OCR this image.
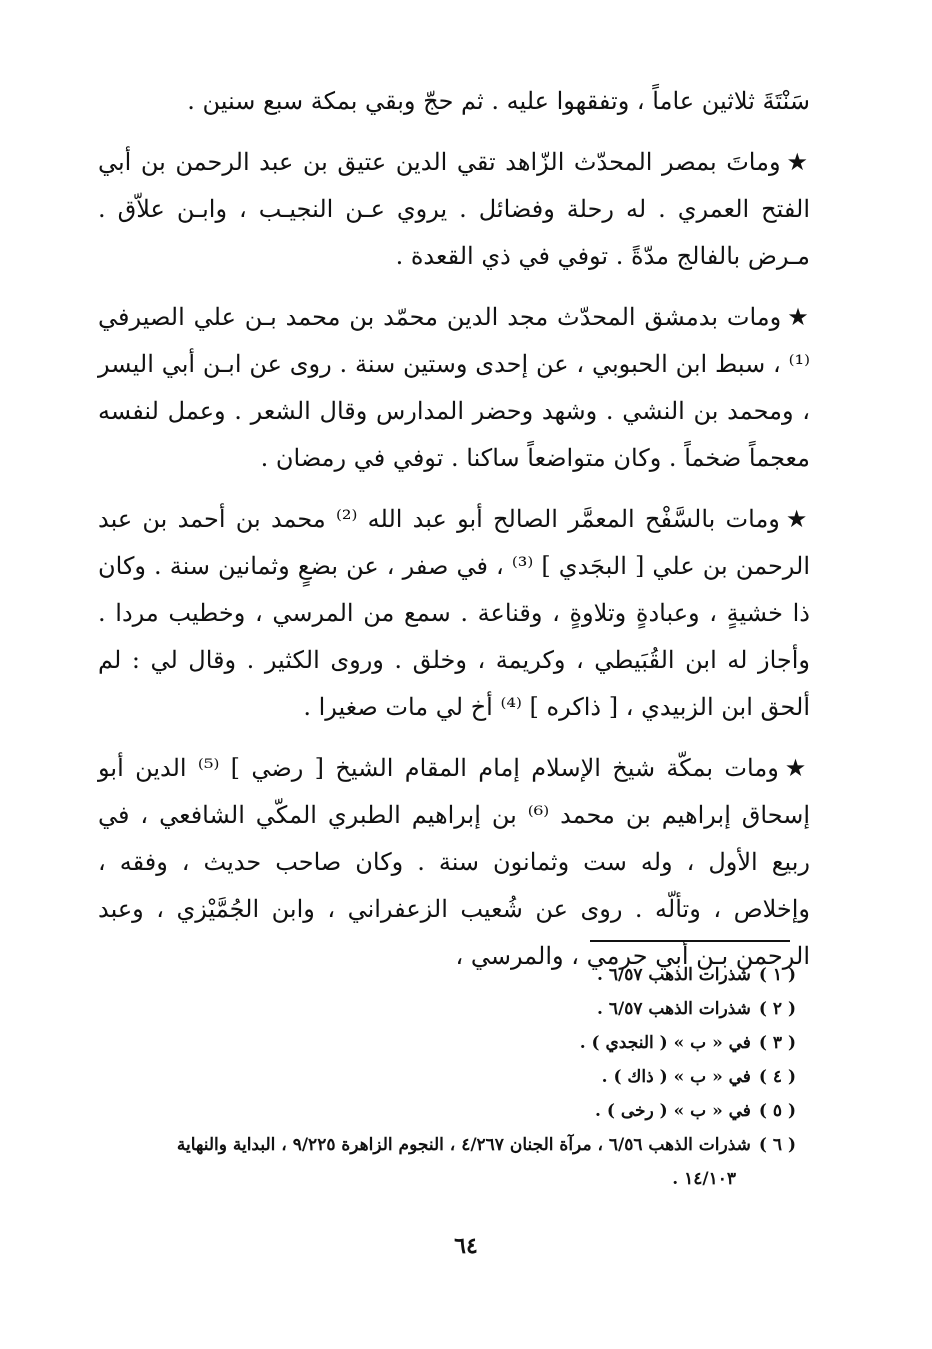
سَنْتَةَ ثلاثين عاماً ، وتفقهوا عليه . ثم حجّ وبقي بمكة سبع سنين .

★وماتَ بمصر المحدّث الزّاهد تقي الدين عتيق بن عبد الرحمن بن أبي الفتح العمري . له رحلة وفضائل . يروي عـن النجيـب ، وابـن علاّق . مـرض بالفالج مدّةً . توفي في ذي القعدة .

★ومات بدمشق المحدّث مجد الدين محمّد بن محمد بـن علي الصيرفي ⁽¹⁾ ، سبط ابن الحبوبي ، عن إحدى وستين سنة . روى عن ابـن أبي اليسر ، ومحمد بن النشي . وشهد وحضر المدارس وقال الشعر . وعمل لنفسه معجماً ضخماً . وكان متواضعاً ساكنا . توفي في رمضان .

★ومات بالسَّفْح المعمَّر الصالح أبو عبد الله ⁽²⁾ محمد بن أحمد بن عبد الرحمن بن علي [ البجَدي ] ⁽³⁾ ، في صفر ، عن بضعٍ وثمانين سنة . وكان ذا خشيةٍ ، وعبادةٍ وتلاوةٍ ، وقناعة . سمع من المرسي ، وخطيب مردا . وأجاز له ابن القُبَيطي ، وكريمة ، وخلق . وروى الكثير . وقال لي : لم ألحق ابن الزبيدي ، [ ذاكره ] ⁽⁴⁾ أخ لي مات صغيرا .

★ومات بمكّة شيخ الإسلام إمام المقام الشيخ [ رضي ] ⁽⁵⁾ الدين أبو إسحاق إبراهيم بن محمد ⁽⁶⁾ بن إبراهيم الطبري المكّي الشافعي ، في ربيع الأول ، وله ست وثمانون سنة . وكان صاحب حديث ، وفقه ، وإخلاص ، وتألّه . روى عن شُعيب الزعفراني ، وابن الجُمَّيْزي ، وعبد الرحمن بـن أبي حرمي ، والمرسي ،

( ١ )شذرات الذهب ٦/٥٧ .

( ٢ )شذرات الذهب ٦/٥٧ .

( ٣ )في « ب » ( النجدي ) .

( ٤ )في « ب » ( ذاك ) .

( ٥ )في « ب » ( رخى ) .

( ٦ )شذرات الذهب ٦/٥٦ ، مرآة الجنان ٤/٢٦٧ ، النجوم الزاهرة ٩/٢٢٥ ، البداية والنهاية

١٤/١٠٣ .

٦٤
